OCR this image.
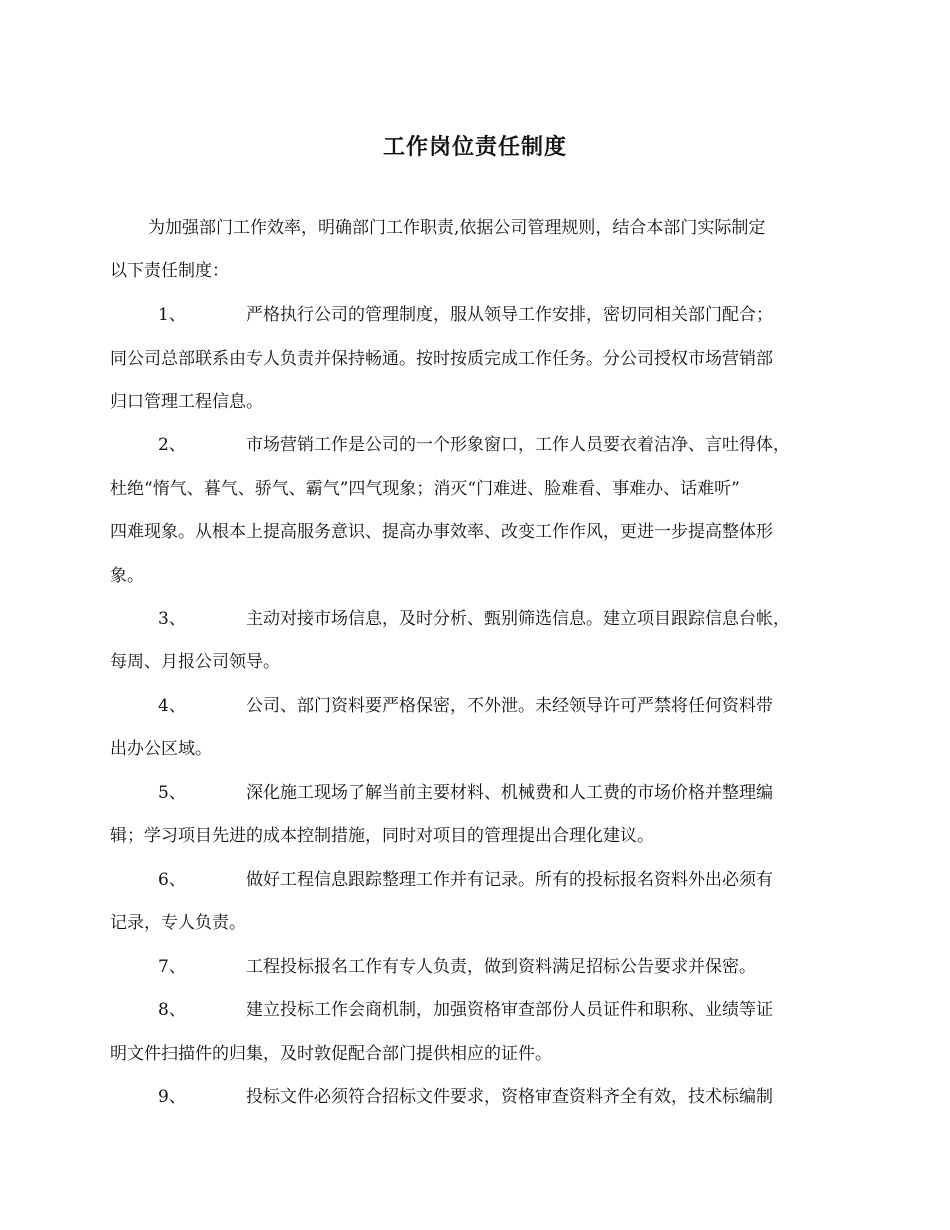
工作岗位责任制度
为加强部门工作效率，明确部门工作职责,依据公司管理规则，结合本部门实际制定
以下责任制度：
1、	严格执行公司的管理制度，服从领导工作安排，密切同相关部门配合；
同公司总部联系由专人负责并保持畅通。按时按质完成工作任务。分公司授权市场营销部
归口管理工程信息。
2、	市场营销工作是公司的一个形象窗口，工作人员要衣着洁净、言吐得体，
杜绝“惰气、暮气、骄气、霸气”四气现象；消灭“门难进、脸难看、事难办、话难听”
四难现象。从根本上提高服务意识、提高办事效率、改变工作作风，更进一步提高整体形
象。
3、	主动对接市场信息，及时分析、甄别筛选信息。建立项目跟踪信息台帐，
每周、月报公司领导。
4、	公司、部门资料要严格保密，不外泄。未经领导许可严禁将任何资料带
出办公区域。
5、	深化施工现场了解当前主要材料、机械费和人工费的市场价格并整理编
辑；学习项目先进的成本控制措施，同时对项目的管理提出合理化建议。
6、	做好工程信息跟踪整理工作并有记录。所有的投标报名资料外出必须有
记录，专人负责。
7、	工程投标报名工作有专人负责，做到资料满足招标公告要求并保密。
8、	建立投标工作会商机制，加强资格审查部份人员证件和职称、业绩等证
明文件扫描件的归集，及时敦促配合部门提供相应的证件。
9、	投标文件必须符合招标文件要求，资格审查资料齐全有效，技术标编制
